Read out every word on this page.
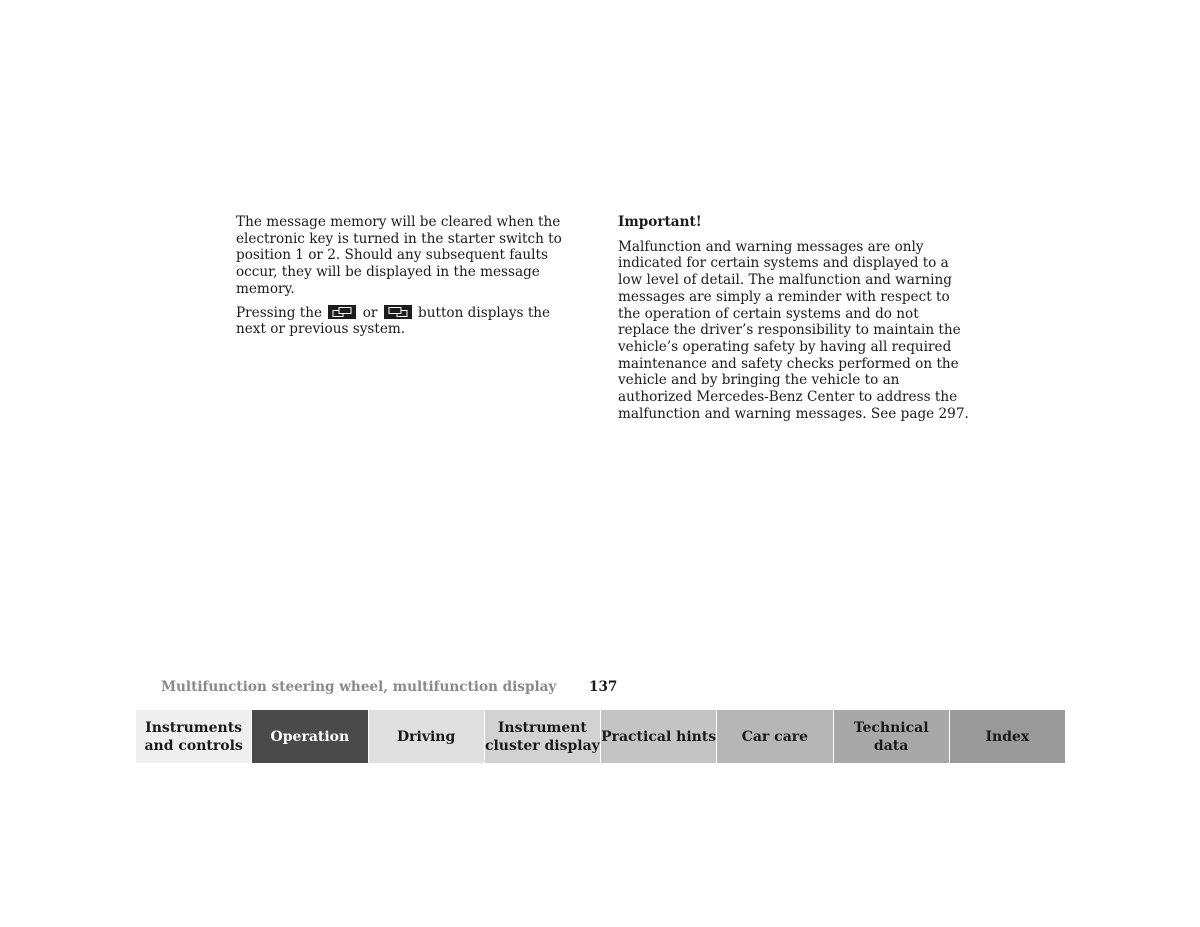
The message memory will be cleared when the electronic key is turned in the starter switch to position 1 or 2. Should any subsequent faults occur, they will be displayed in the message memory.

Pressing the	or	button displays the next or previous system.

Important!

Malfunction and warning messages are only indicated for certain systems and displayed to a low level of detail. The malfunction and warning messages are simply a reminder with respect to the operation of certain systems and do not replace the driver’s responsibility to maintain the vehicle’s operating safety by having all required maintenance and safety checks performed on the vehicle and by bringing the vehicle to an authorized Mercedes-Benz Center to address the malfunction and warning messages. See page 297.

Multifunction steering wheel, multifunction display 137
Instruments
and controls
Operation	Driving
Instrument
cluster display
Practical hints	Car care
Technical
data
Index
